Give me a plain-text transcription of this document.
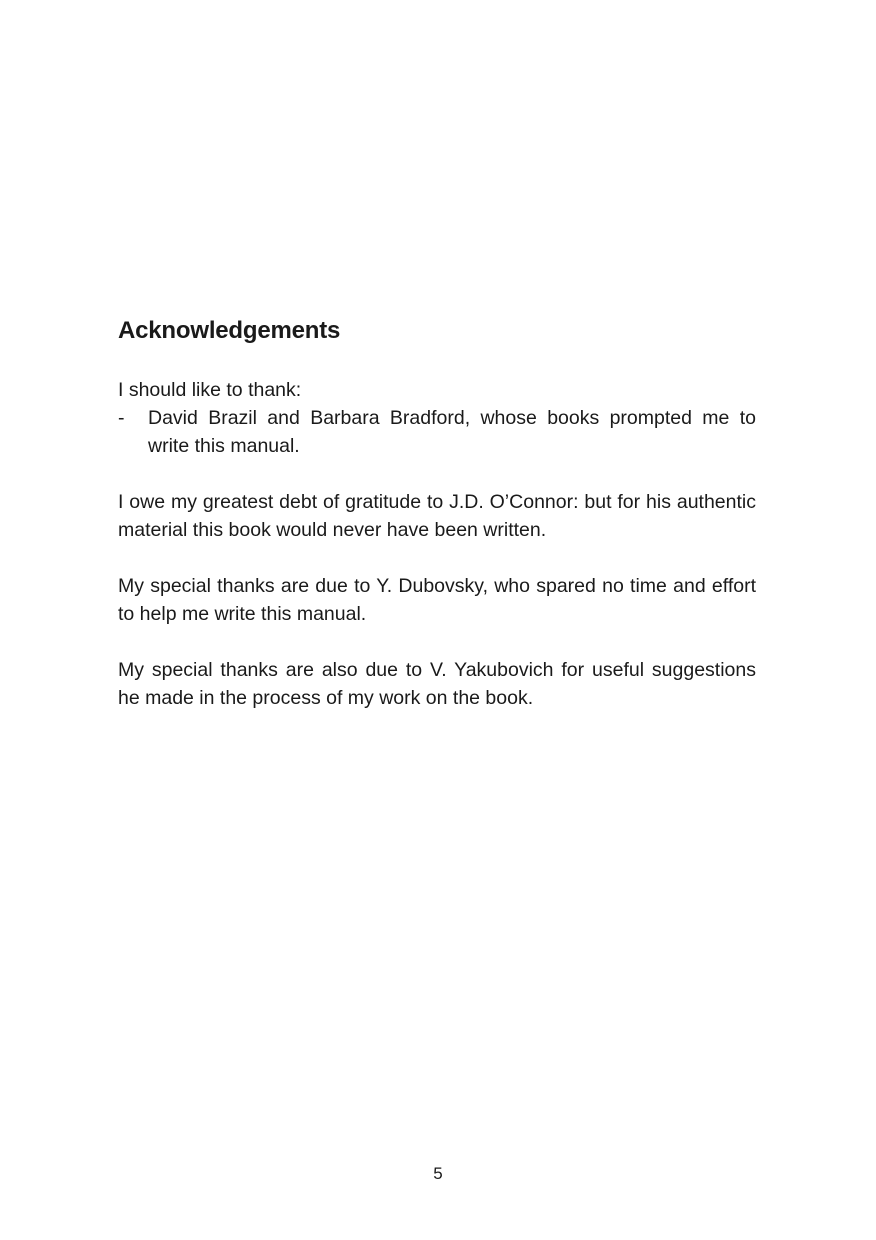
Acknowledgements

I should like to thank:

- David Brazil and Barbara Bradford, whose books prompted me to write this manual.

I owe my greatest debt of gratitude to J.D. O’Connor: but for his authentic material this book would never have been written.

My special thanks are due to Y. Dubovsky, who spared no time and effort to help me write this manual.

My special thanks are also due to V. Yakubovich for useful suggestions he made in the process of my work on the book.

5
